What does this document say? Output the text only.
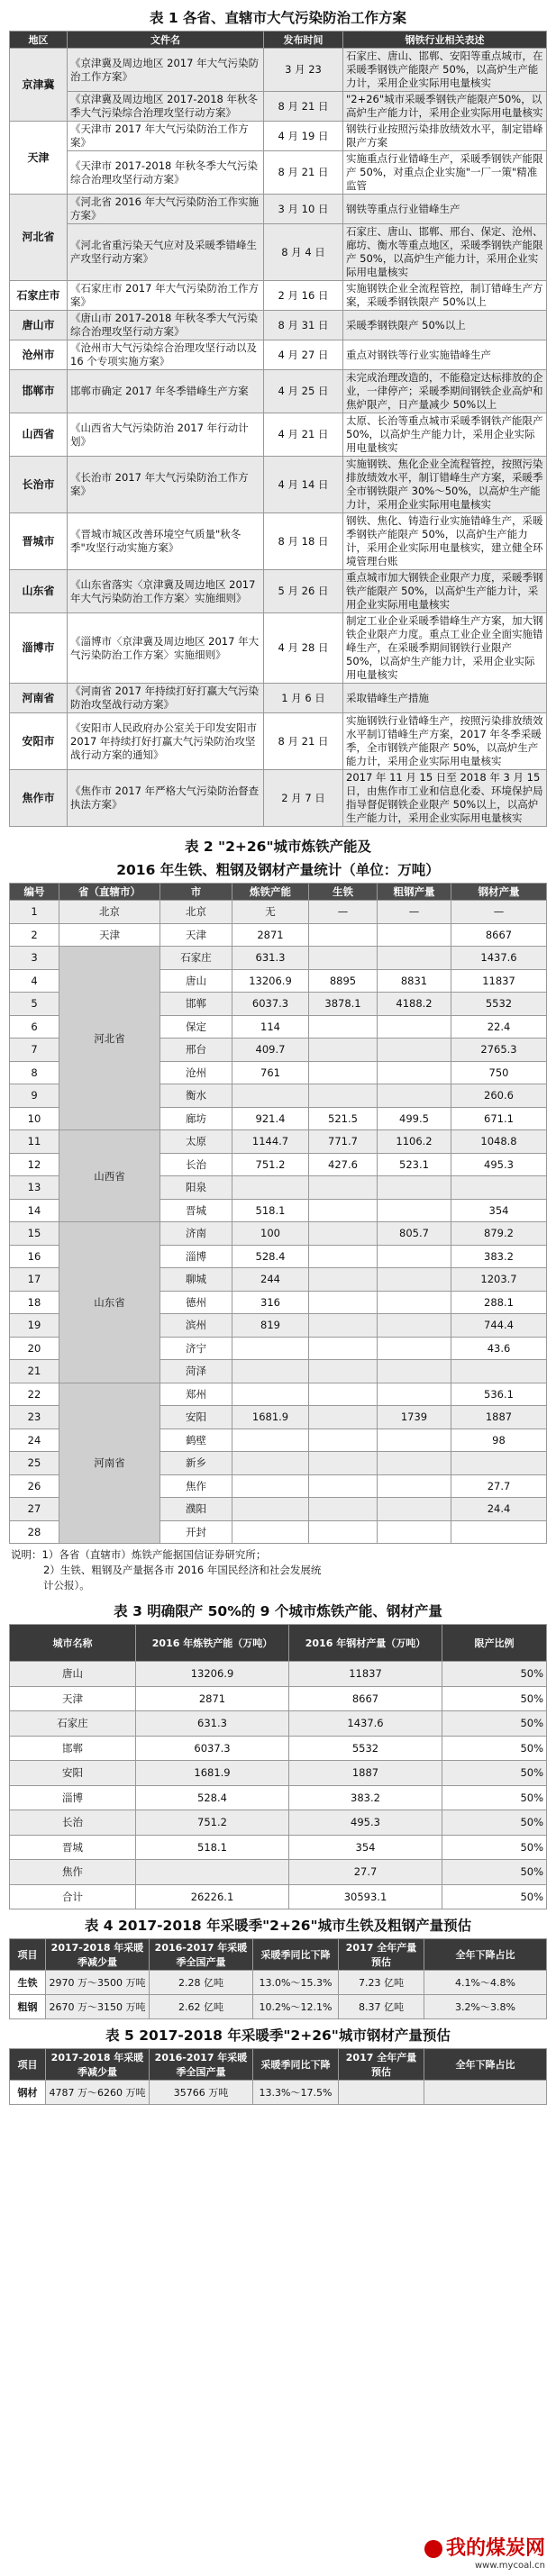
表 1 各省、直辖市大气污染防治工作方案
地区	文件名	发布时间	钢铁行业相关表述
京津冀	《京津冀及周边地区 2017 年大气污染防治工作方案》	3 月 23	石家庄、唐山、邯郸、安阳等重点城市，在采暖季钢铁产能限产 50%，以高炉生产能力计，采用企业实际用电量核实
	《京津冀及周边地区 2017-2018 年秋冬季大气污染综合治理攻坚行动方案》	8 月 21 日	"2+26"城市采暖季钢铁产能限产50%，以高炉生产能力计，采用企业实际用电量核实
天津	《天津市 2017 年大气污染防治工作方案》	4 月 19 日	钢铁行业按照污染排放绩效水平，制定错峰限产方案
	《天津市 2017-2018 年秋冬季大气污染综合治理攻坚行动方案》	8 月 21 日	实施重点行业错峰生产，采暖季钢铁产能限产 50%，对重点企业实施"一厂一策"精准监管
河北省	《河北省 2016 年大气污染防治工作实施方案》	3 月 10 日	钢铁等重点行业错峰生产
	《河北省重污染天气应对及采暖季错峰生产攻坚行动方案》	8 月 4 日	石家庄、唐山、邯郸、邢台、保定、沧州、廊坊、衡水等重点地区，采暖季钢铁产能限产 50%，以高炉生产能力计，采用企业实际用电量核实
石家庄市	《石家庄市 2017 年大气污染防治工作方案》	2 月 16 日	实施钢铁企业全流程管控，制订错峰生产方案，采暖季钢铁限产 50%以上
唐山市	《唐山市 2017-2018 年秋冬季大气污染综合治理攻坚行动方案》	8 月 31 日	采暖季钢铁限产 50%以上
沧州市	《沧州市大气污染综合治理攻坚行动以及 16 个专项实施方案》	4 月 27 日	重点对钢铁等行业实施错峰生产
邯郸市	邯郸市确定 2017 年冬季错峰生产方案	4 月 25 日	未完成治理改造的，不能稳定达标排放的企业，一律停产；采暖季期间钢铁企业高炉和焦炉限产，日产量减少 50%以上
山西省	《山西省大气污染防治 2017 年行动计划》	4 月 21 日	太原、长治等重点城市采暖季钢铁产能限产 50%，以高炉生产能力计，采用企业实际用电量核实
长治市	《长治市 2017 年大气污染防治工作方案》	4 月 14 日	实施钢铁、焦化企业全流程管控，按照污染排放绩效水平，制订错峰生产方案，采暖季全市钢铁限产 30%～50%，以高炉生产能力计，采用企业实际用电量核实
晋城市	《晋城市城区改善环境空气质量"秋冬季"攻坚行动实施方案》	8 月 18 日	钢铁、焦化、铸造行业实施错峰生产，采暖季钢铁产能限产 50%，以高炉生产能力计，采用企业实际用电量核实，建立健全环境管理台账
山东省	《山东省落实〈京津冀及周边地区 2017 年大气污染防治工作方案〉实施细则》	5 月 26 日	重点城市加大钢铁企业限产力度，采暖季钢铁产能限产 50%，以高炉生产能力计，采用企业实际用电量核实
淄博市	《淄博市〈京津冀及周边地区 2017 年大气污染防治工作方案〉实施细则》	4 月 28 日	制定工业企业采暖季错峰生产方案，加大钢铁企业限产力度。重点工业企业全面实施错峰生产，在采暖季期间钢铁行业限产 50%，以高炉生产能力计，采用企业实际用电量核实
河南省	《河南省 2017 年持续打好打赢大气污染防治攻坚战行动方案》	1 月 6 日	采取错峰生产措施
安阳市	《安阳市人民政府办公室关于印发安阳市 2017 年持续打好打赢大气污染防治攻坚战行动方案的通知》	8 月 21 日	实施钢铁行业错峰生产，按照污染排放绩效水平制订错峰生产方案，2017 年冬季采暖季，全市钢铁产能限产 50%，以高炉生产能力计，采用企业实际用电量核实
焦作市	《焦作市 2017 年严格大气污染防治督查执法方案》	2 月 7 日	2017 年 11 月 15 日至 2018 年 3 月 15 日，由焦作市工业和信息化委、环境保护局指导督促钢铁企业限产 50%以上，以高炉生产能力计，采用企业实际用电量核实
表 2 "2+26"城市炼铁产能及
2016 年生铁、粗钢及钢材产量统计（单位：万吨）
编号	省（直辖市）	市	炼铁产能	生铁	粗钢产量	钢材产量
1	北京	北京	无	—	—	—
2	天津	天津	2871			8667
3	河北省	石家庄	631.3			1437.6
4		唐山	13206.9	8895	8831	11837
5		邯郸	6037.3	3878.1	4188.2	5532
6		保定	114			22.4
7		邢台	409.7			2765.3
8		沧州	761			750
9		衡水				260.6
10		廊坊	921.4	521.5	499.5	671.1
11	山西省	太原	1144.7	771.7	1106.2	1048.8
12		长治	751.2	427.6	523.1	495.3
13		阳泉				
14		晋城	518.1			354
15	山东省	济南	100		805.7	879.2
16		淄博	528.4			383.2
17		聊城	244			1203.7
18		德州	316			288.1
19		滨州	819			744.4
20		济宁				43.6
21		菏泽				
22	河南省	郑州				536.1
23		安阳	1681.9		1739	1887
24		鹤壁				98
25		新乡				
26		焦作				27.7
27		濮阳				24.4
28		开封				
说明：1）各省（直辖市）炼铁产能据国信证券研究所；
2）生铁、粗钢及产量据各市 2016 年国民经济和社会发展统
计公报）。
表 3 明确限产 50%的 9 个城市炼铁产能、钢材产量
城市名称	2016 年炼铁产能（万吨）	2016 年钢材产量（万吨）	限产比例
唐山	13206.9	11837	50%
天津	2871	8667	50%
石家庄	631.3	1437.6	50%
邯郸	6037.3	5532	50%
安阳	1681.9	1887	50%
淄博	528.4	383.2	50%
长治	751.2	495.3	50%
晋城	518.1	354	50%
焦作		27.7	50%
合计	26226.1	30593.1	50%
表 4 2017-2018 年采暖季"2+26"城市生铁及粗钢产量预估
项目	2017-2018 年采暖季减少量	2016-2017 年采暖季全国产量	采暖季同比下降	2017 全年产量预估	全年下降占比
生铁	2970 万～3500 万吨	2.28 亿吨	13.0%～15.3%	7.23 亿吨	4.1%～4.8%
粗钢	2670 万～3150 万吨	2.62 亿吨	10.2%～12.1%	8.37 亿吨	3.2%～3.8%
表 5 2017-2018 年采暖季"2+26"城市钢材产量预估
项目	2017-2018 年采暖季减少量	2016-2017 年采暖季全国产量	采暖季同比下降	2017 全年产量预估	全年下降占比
钢材	4787 万～6260 万吨	35766 万吨	13.3%～17.5%		
我的煤炭网
www.mycoal.cn
